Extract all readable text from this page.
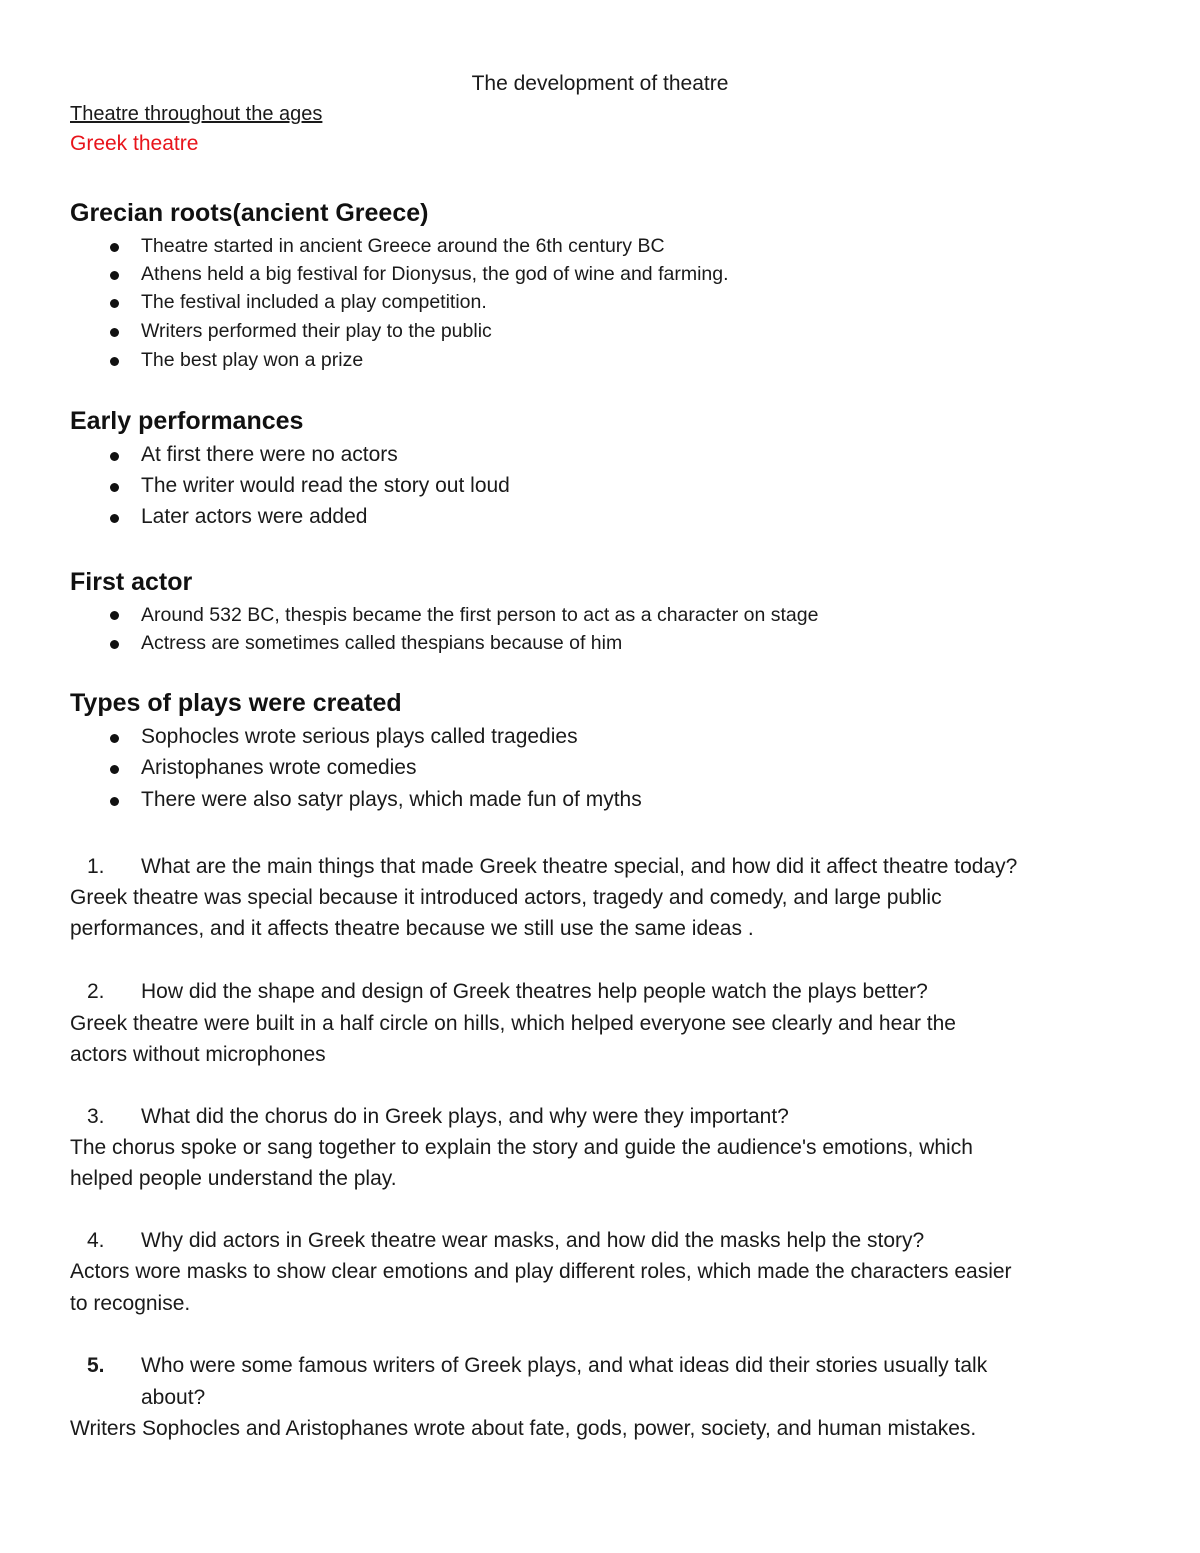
The development of theatre
Theatre throughout the ages
Greek theatre
Grecian roots(ancient Greece)
Theatre started in ancient Greece around the 6th century BC
Athens held a big festival for Dionysus, the god of wine and farming.
The festival included a play competition.
Writers performed their play to the public
The best play won a prize
Early performances
At first there were no actors
The writer would read the story out loud
Later actors were added
First actor
Around 532 BC, thespis became the first person to act as a character on stage
Actress are sometimes called thespians because of him
Types of plays were created
Sophocles wrote serious plays called tragedies
Aristophanes wrote comedies
There were also satyr plays, which made fun of myths
1. What are the main things that made Greek theatre special, and how did it affect theatre today?
Greek theatre was special because it introduced actors, tragedy and comedy, and large public
performances, and it affects theatre because we still use the same ideas .
2. How did the shape and design of Greek theatres help people watch the plays better?
Greek theatre were built in a half circle on hills, which helped everyone see clearly and hear the
actors without microphones
3. What did the chorus do in Greek plays, and why were they important?
The chorus spoke or sang together to explain the story and guide the audience's emotions, which
helped people understand the play.
4. Why did actors in Greek theatre wear masks, and how did the masks help the story?
Actors wore masks to show clear emotions and play different roles, which made the characters easier
to recognise.
5. Who were some famous writers of Greek plays, and what ideas did their stories usually talk
about?
Writers Sophocles and Aristophanes wrote about fate, gods, power, society, and human mistakes.
